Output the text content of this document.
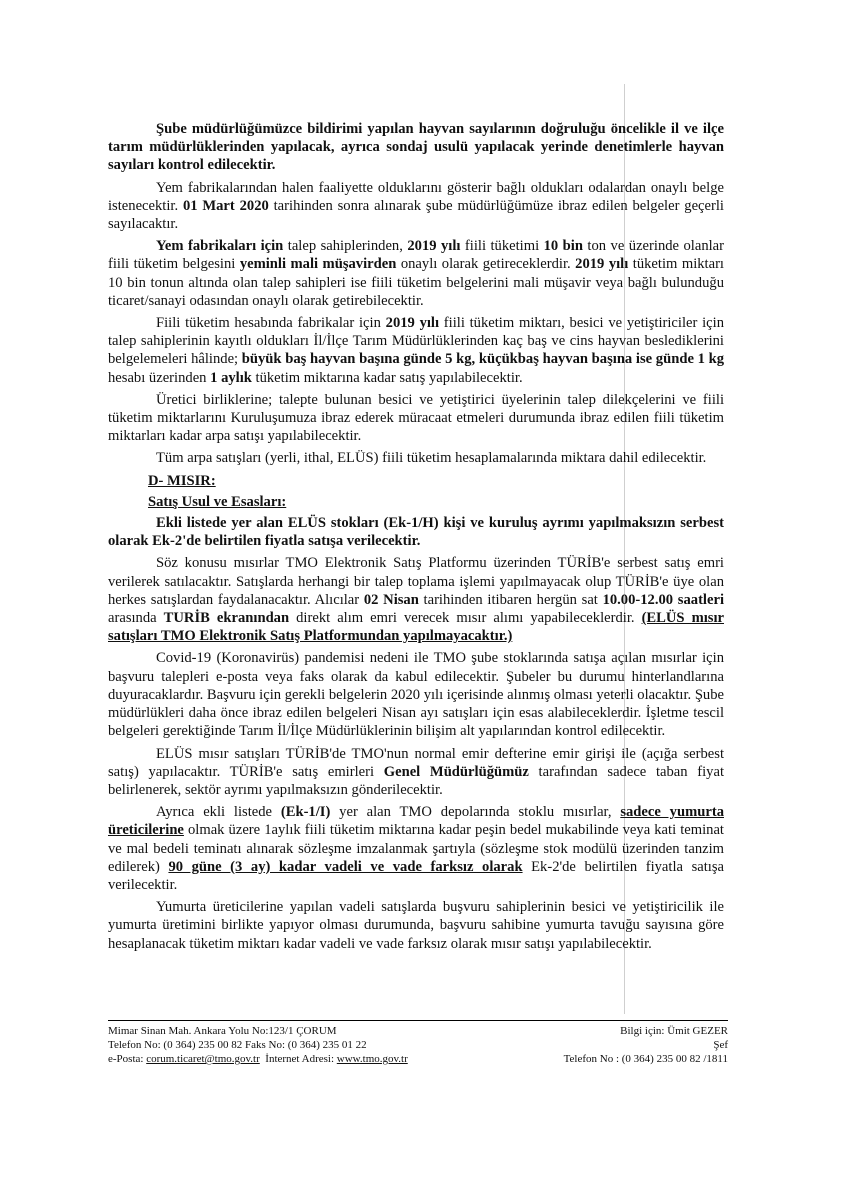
Şube müdürlüğümüzce bildirimi yapılan hayvan sayılarının doğruluğu öncelikle il ve ilçe tarım müdürlüklerinden yapılacak, ayrıca sondaj usulü yapılacak yerinde denetimlerle hayvan sayıları kontrol edilecektir.

Yem fabrikalarından halen faaliyette olduklarını gösterir bağlı oldukları odalardan onaylı belge istenecektir. 01 Mart 2020 tarihinden sonra alınarak şube müdürlüğümüze ibraz edilen belgeler geçerli sayılacaktır.

Yem fabrikaları için talep sahiplerinden, 2019 yılı fiili tüketimi 10 bin ton ve üzerinde olanlar fiili tüketim belgesini yeminli mali müşavirden onaylı olarak getireceklerdir. 2019 yılı tüketim miktarı 10 bin tonun altında olan talep sahipleri ise fiili tüketim belgelerini mali müşavir veya bağlı bulunduğu ticaret/sanayi odasından onaylı olarak getirebilecektir.

Fiili tüketim hesabında fabrikalar için 2019 yılı fiili tüketim miktarı, besici ve yetiştiriciler için talep sahiplerinin kayıtlı oldukları İl/İlçe Tarım Müdürlüklerinden kaç baş ve cins hayvan beslediklerini belgelemeleri hâlinde; büyük baş hayvan başına günde 5 kg, küçükbaş hayvan başına ise günde 1 kg hesabı üzerinden 1 aylık tüketim miktarına kadar satış yapılabilecektir.

Üretici birliklerine; talepte bulunan besici ve yetiştirici üyelerinin talep dilekçelerini ve fiili tüketim miktarlarını Kuruluşumuza ibraz ederek müracaat etmeleri durumunda ibraz edilen fiili tüketim miktarları kadar arpa satışı yapılabilecektir.

Tüm arpa satışları (yerli, ithal, ELÜS) fiili tüketim hesaplamalarında miktara dahil edilecektir.

D- MISIR:

Satış Usul ve Esasları:

Ekli listede yer alan ELÜS stokları (Ek-1/H) kişi ve kuruluş ayrımı yapılmaksızın serbest olarak Ek-2'de belirtilen fiyatla satışa verilecektir.

Söz konusu mısırlar TMO Elektronik Satış Platformu üzerinden TÜRİB'e serbest satış emri verilerek satılacaktır. Satışlarda herhangi bir talep toplama işlemi yapılmayacak olup TÜRİB'e üye olan herkes satışlardan faydalanacaktır. Alıcılar 02 Nisan tarihinden itibaren hergün sat 10.00-12.00 saatleri arasında TURİB ekranından direkt alım emri verecek mısır alımı yapabileceklerdir. (ELÜS mısır satışları TMO Elektronik Satış Platformundan yapılmayacaktır.)

Covid-19 (Koronavirüs) pandemisi nedeni ile TMO şube stoklarında satışa açılan mısırlar için başvuru talepleri e-posta veya faks olarak da kabul edilecektir. Şubeler bu durumu hinterlandlarına duyuracaklardır. Başvuru için gerekli belgelerin 2020 yılı içerisinde alınmış olması yeterli olacaktır. Şube müdürlükleri daha önce ibraz edilen belgeleri Nisan ayı satışları için esas alabileceklerdir. İşletme tescil belgeleri gerektiğinde Tarım İl/İlçe Müdürlüklerinin bilişim alt yapılarından kontrol edilecektir.

ELÜS mısır satışları TÜRİB'de TMO'nun normal emir defterine emir girişi ile (açığa serbest satış) yapılacaktır. TÜRİB'e satış emirleri Genel Müdürlüğümüz tarafından sadece taban fiyat belirlenerek, sektör ayrımı yapılmaksızın gönderilecektir.

Ayrıca ekli listede (Ek-1/I) yer alan TMO depolarında stoklu mısırlar, sadece yumurta üreticilerine olmak üzere 1aylık fiili tüketim miktarına kadar peşin bedel mukabilinde veya kati teminat ve mal bedeli teminatı alınarak sözleşme imzalanmak şartıyla (sözleşme stok modülü üzerinden tanzim edilerek) 90 güne (3 ay) kadar vadeli ve vade farksız olarak Ek-2'de belirtilen fiyatla satışa verilecektir.

Yumurta üreticilerine yapılan vadeli satışlarda buşvuru sahiplerinin besici ve yetiştiricilik ile yumurta üretimini birlikte yapıyor olması durumunda, başvuru sahibine yumurta tavuğu sayısına göre hesaplanacak tüketim miktarı kadar vadeli ve vade farksız olarak mısır satışı yapılabilecektir.

Mimar Sinan Mah. Ankara Yolu No:123/1 ÇORUM
Telefon No: (0 364) 235 00 82 Faks No: (0 364) 235 01 22
e-Posta: corum.ticaret@tmo.gov.tr  İnternet Adresi: www.tmo.gov.tr
Bilgi için: Ümit GEZER
Şef
Telefon No : (0 364) 235 00 82 /1811
